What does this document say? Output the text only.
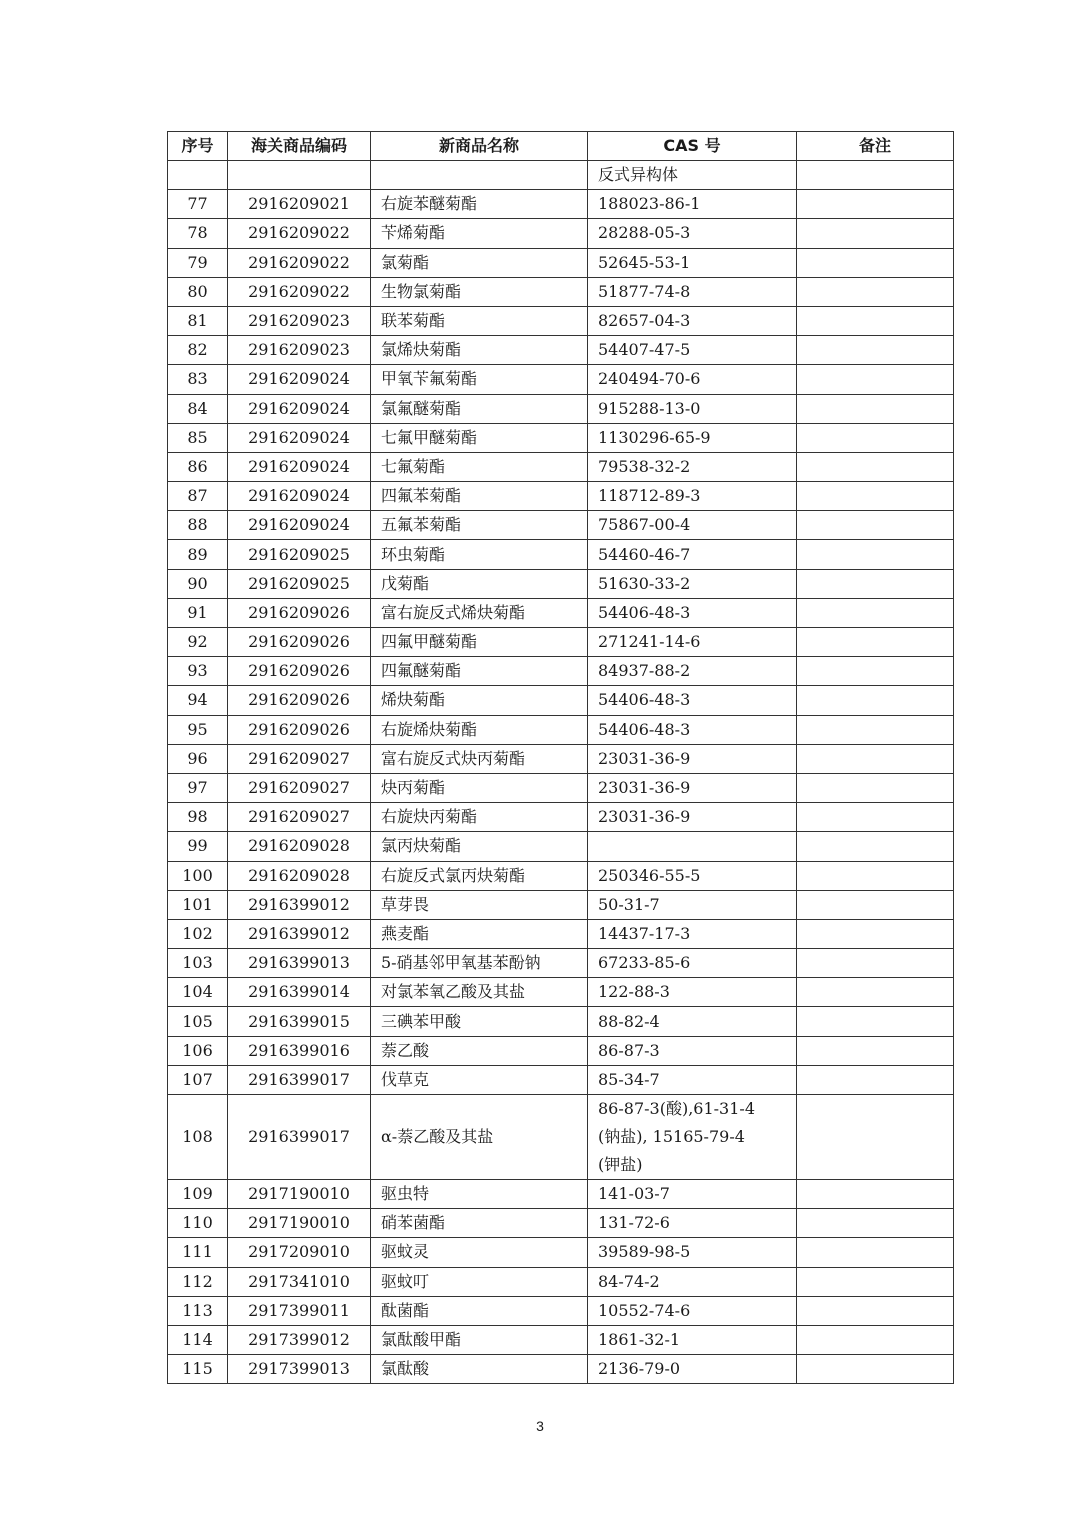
序号	海关商品编码	新商品名称	CAS 号	备注
			反式异构体	
77	2916209021	右旋苯醚菊酯	188023-86-1	
78	2916209022	苄烯菊酯	28288-05-3	
79	2916209022	氯菊酯	52645-53-1	
80	2916209022	生物氯菊酯	51877-74-8	
81	2916209023	联苯菊酯	82657-04-3	
82	2916209023	氯烯炔菊酯	54407-47-5	
83	2916209024	甲氧苄氟菊酯	240494-70-6	
84	2916209024	氯氟醚菊酯	915288-13-0	
85	2916209024	七氟甲醚菊酯	1130296-65-9	
86	2916209024	七氟菊酯	79538-32-2	
87	2916209024	四氟苯菊酯	118712-89-3	
88	2916209024	五氟苯菊酯	75867-00-4	
89	2916209025	环虫菊酯	54460-46-7	
90	2916209025	戊菊酯	51630-33-2	
91	2916209026	富右旋反式烯炔菊酯	54406-48-3	
92	2916209026	四氟甲醚菊酯	271241-14-6	
93	2916209026	四氟醚菊酯	84937-88-2	
94	2916209026	烯炔菊酯	54406-48-3	
95	2916209026	右旋烯炔菊酯	54406-48-3	
96	2916209027	富右旋反式炔丙菊酯	23031-36-9	
97	2916209027	炔丙菊酯	23031-36-9	
98	2916209027	右旋炔丙菊酯	23031-36-9	
99	2916209028	氯丙炔菊酯		
100	2916209028	右旋反式氯丙炔菊酯	250346-55-5	
101	2916399012	草芽畏	50-31-7	
102	2916399012	燕麦酯	14437-17-3	
103	2916399013	5-硝基邻甲氧基苯酚钠	67233-85-6	
104	2916399014	对氯苯氧乙酸及其盐	122-88-3	
105	2916399015	三碘苯甲酸	88-82-4	
106	2916399016	萘乙酸	86-87-3	
107	2916399017	伐草克	85-34-7	
108	2916399017	α-萘乙酸及其盐	86-87-3(酸),61-31-4
(钠盐), 15165-79-4
(钾盐)	

109	2917190010	驱虫特	141-03-7	
110	2917190010	硝苯菌酯	131-72-6	
111	2917209010	驱蚊灵	39589-98-5	
112	2917341010	驱蚊叮	84-74-2	
113	2917399011	酞菌酯	10552-74-6	
114	2917399012	氯酞酸甲酯	1861-32-1	
115	2917399013	氯酞酸	2136-79-0	
3
